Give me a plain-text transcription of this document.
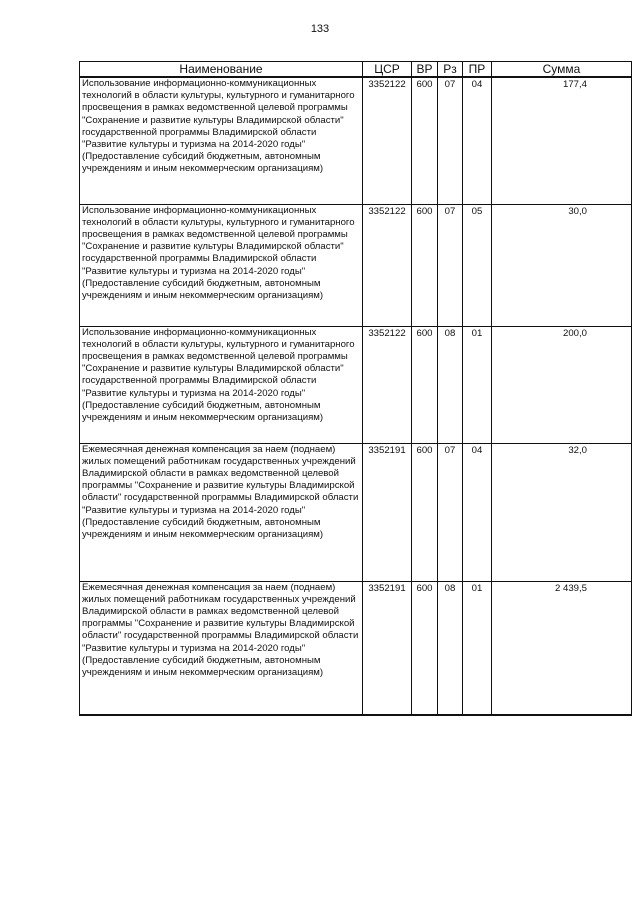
133
Наименование	ЦСР	ВР	Рз	ПР	Сумма
Использование информационно-коммуникационных технологий в области культуры, культурного и гуманитарного просвещения в рамках ведомственной целевой программы "Сохранение и развитие культуры Владимирской области" государственной программы Владимирской области "Развитие культуры и туризма на 2014-2020 годы" (Предоставление субсидий бюджетным, автономным учреждениям и иным некоммерческим организациям)	3352122	600	07	04	177,4
Использование информационно-коммуникационных технологий в области культуры, культурного и гуманитарного просвещения в рамках ведомственной целевой программы "Сохранение и развитие культуры Владимирской области" государственной программы Владимирской области "Развитие культуры и туризма на 2014-2020 годы" (Предоставление субсидий бюджетным, автономным учреждениям и иным некоммерческим организациям)	3352122	600	07	05	30,0
Использование информационно-коммуникационных технологий в области культуры, культурного и гуманитарного просвещения в рамках ведомственной целевой программы "Сохранение и развитие культуры Владимирской области" государственной программы Владимирской области "Развитие культуры и туризма на 2014-2020 годы" (Предоставление субсидий бюджетным, автономным учреждениям и иным некоммерческим организациям)	3352122	600	08	01	200,0
Ежемесячная денежная компенсация за наем (поднаем) жилых помещений работникам государственных учреждений Владимирской области в рамках ведомственной целевой программы "Сохранение и развитие культуры Владимирской области" государственной программы Владимирской области "Развитие культуры и туризма на 2014-2020 годы" (Предоставление субсидий бюджетным, автономным учреждениям и иным некоммерческим организациям)	3352191	600	07	04	32,0
Ежемесячная денежная компенсация за наем (поднаем) жилых помещений работникам государственных учреждений Владимирской области в рамках ведомственной целевой программы "Сохранение и развитие культуры Владимирской области" государственной программы Владимирской области "Развитие культуры и туризма на 2014-2020 годы" (Предоставление субсидий бюджетным, автономным учреждениям и иным некоммерческим организациям)	3352191	600	08	01	2 439,5
